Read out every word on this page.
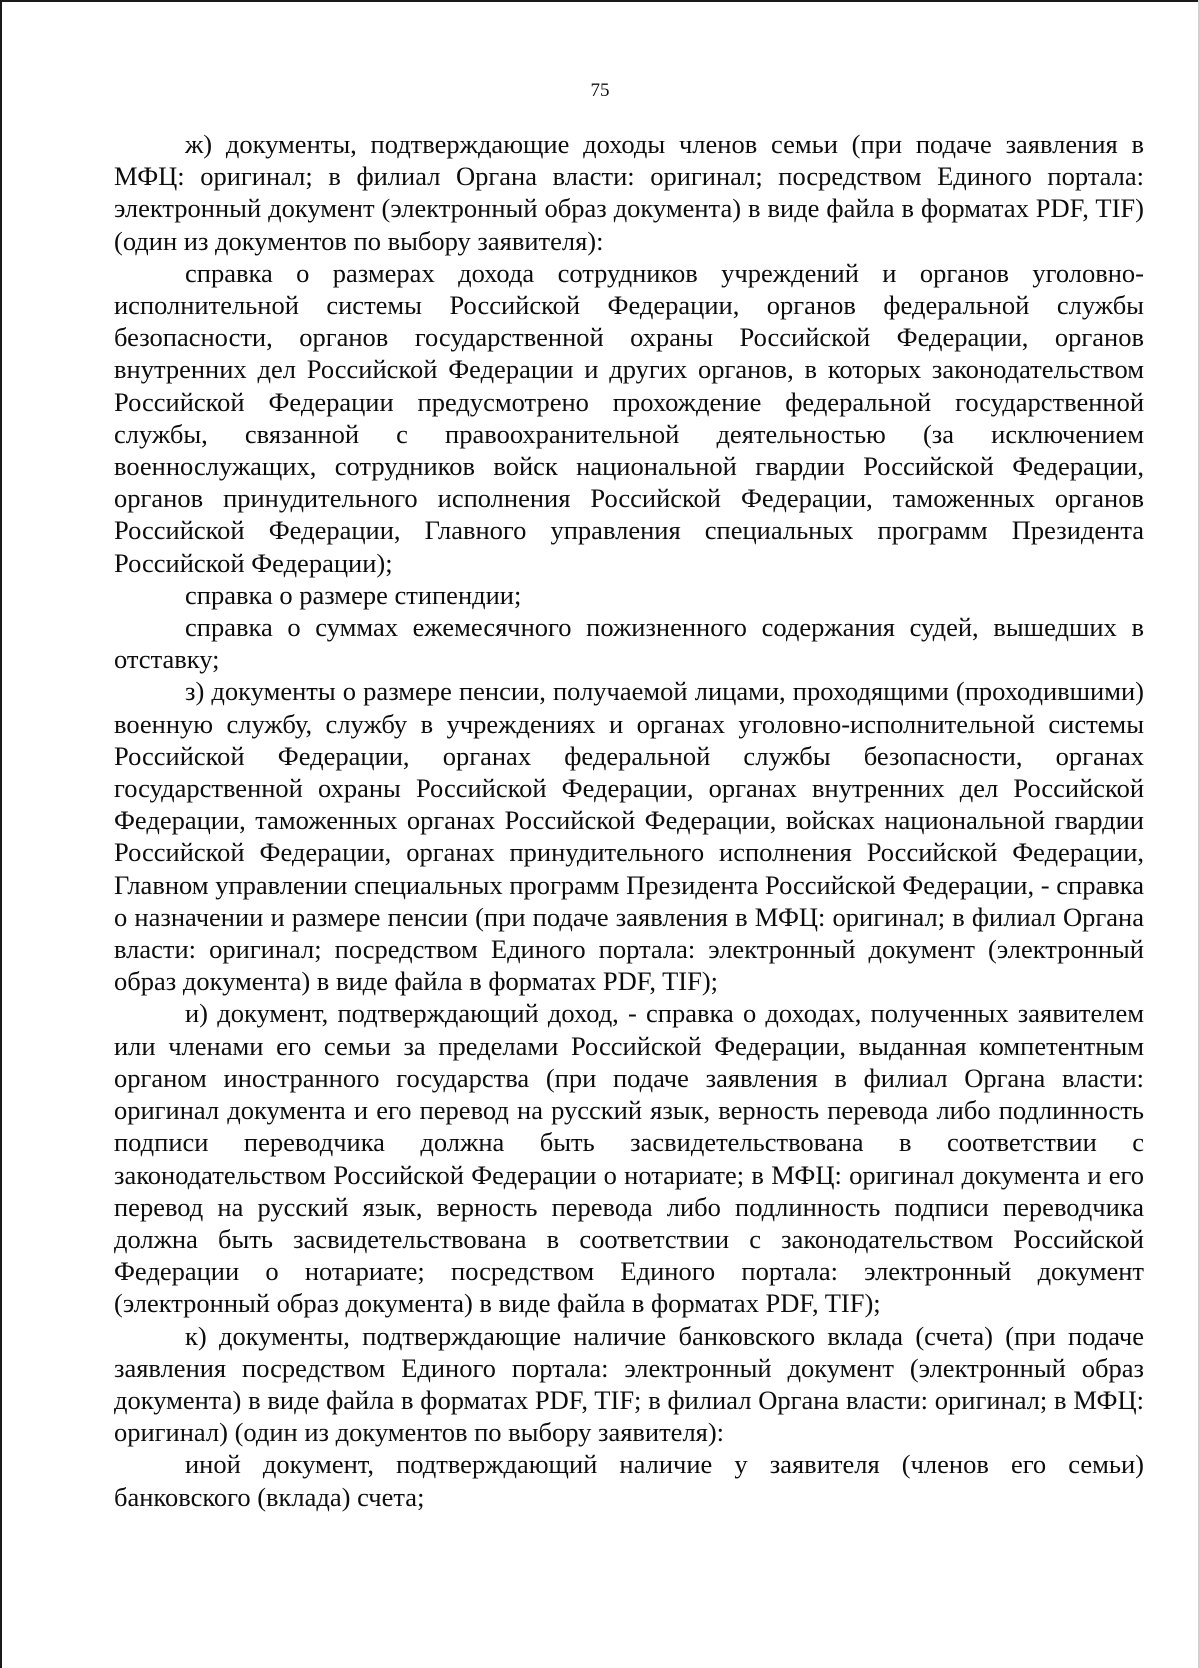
75

ж) документы, подтверждающие доходы членов семьи (при подаче заявления в МФЦ: оригинал; в филиал Органа власти: оригинал; посредством Единого портала: электронный документ (электронный образ документа) в виде файла в форматах PDF, TIF) (один из документов по выбору заявителя):

справка о размерах дохода сотрудников учреждений и органов уголовно-исполнительной системы Российской Федерации, органов федеральной службы безопасности, органов государственной охраны Российской Федерации, органов внутренних дел Российской Федерации и других органов, в которых законодательством Российской Федерации предусмотрено прохождение федеральной государственной службы, связанной с правоохранительной деятельностью (за исключением военнослужащих, сотрудников войск национальной гвардии Российской Федерации, органов принудительного исполнения Российской Федерации, таможенных органов Российской Федерации, Главного управления специальных программ Президента Российской Федерации);

справка о размере стипендии;

справка о суммах ежемесячного пожизненного содержания судей, вышедших в отставку;

з) документы о размере пенсии, получаемой лицами, проходящими (проходившими) военную службу, службу в учреждениях и органах уголовно-исполнительной системы Российской Федерации, органах федеральной службы безопасности, органах государственной охраны Российской Федерации, органах внутренних дел Российской Федерации, таможенных органах Российской Федерации, войсках национальной гвардии Российской Федерации, органах принудительного исполнения Российской Федерации, Главном управлении специальных программ Президента Российской Федерации, - справка о назначении и размере пенсии (при подаче заявления в МФЦ: оригинал; в филиал Органа власти: оригинал; посредством Единого портала: электронный документ (электронный образ документа) в виде файла в форматах PDF, TIF);

и) документ, подтверждающий доход, - справка о доходах, полученных заявителем или членами его семьи за пределами Российской Федерации, выданная компетентным органом иностранного государства (при подаче заявления в филиал Органа власти: оригинал документа и его перевод на русский язык, верность перевода либо подлинность подписи переводчика должна быть засвидетельствована в соответствии с законодательством Российской Федерации о нотариате; в МФЦ: оригинал документа и его перевод на русский язык, верность перевода либо подлинность подписи переводчика должна быть засвидетельствована в соответствии с законодательством Российской Федерации о нотариате; посредством Единого портала: электронный документ (электронный образ документа) в виде файла в форматах PDF, TIF);

к) документы, подтверждающие наличие банковского вклада (счета) (при подаче заявления посредством Единого портала: электронный документ (электронный образ документа) в виде файла в форматах PDF, TIF; в филиал Органа власти: оригинал; в МФЦ: оригинал) (один из документов по выбору заявителя):

иной документ, подтверждающий наличие у заявителя (членов его семьи) банковского (вклада) счета;
